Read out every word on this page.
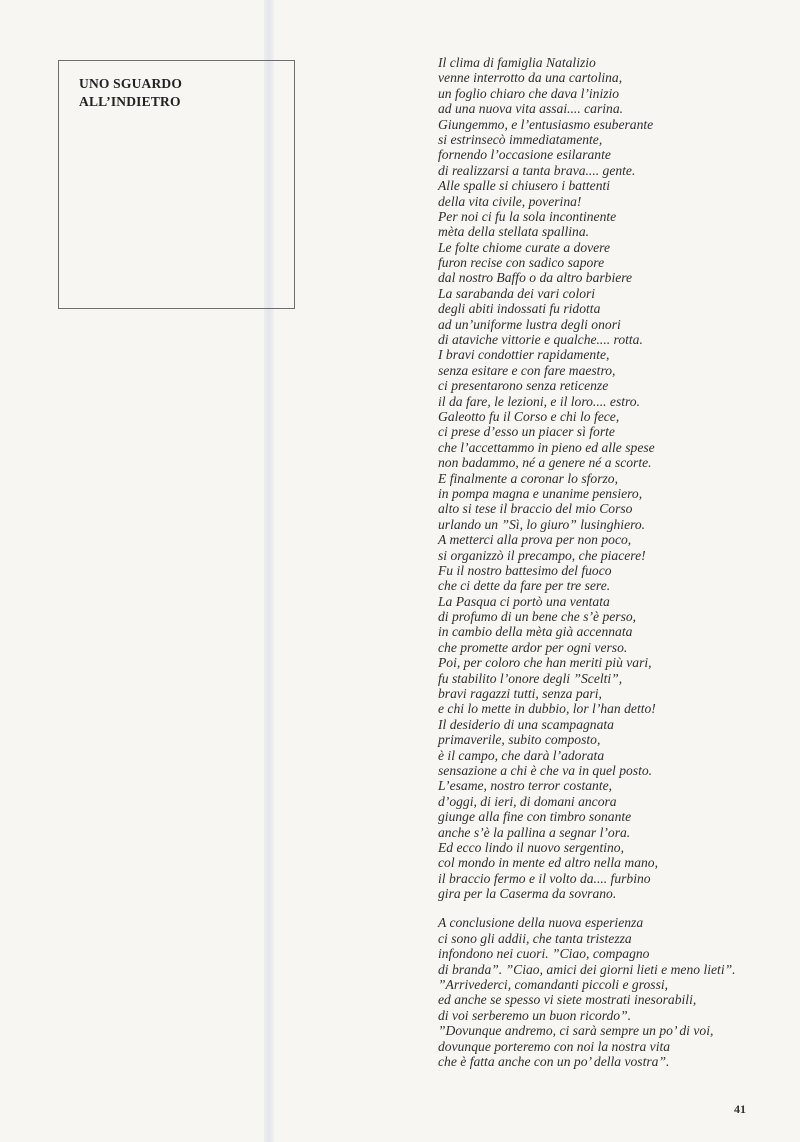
UNO SGUARDO
ALL’INDIETRO
Il clima di famiglia Natalizio
venne interrotto da una cartolina,
un foglio chiaro che dava l’inizio
ad una nuova vita assai.... carina.
Giungemmo, e l’entusiasmo esuberante
si estrinsecò immediatamente,
fornendo l’occasione esilarante
di realizzarsi a tanta brava.... gente.
Alle spalle si chiusero i battenti
della vita civile, poverina!
Per noi ci fu la sola incontinente
mèta della stellata spallina.
Le folte chiome curate a dovere
furon recise con sadico sapore
dal nostro Baffo o da altro barbiere
La sarabanda dei vari colori
degli abiti indossati fu ridotta
ad un’uniforme lustra degli onori
di ataviche vittorie e qualche.... rotta.
I bravi condottier rapidamente,
senza esitare e con fare maestro,
ci presentarono senza reticenze
il da fare, le lezioni, e il loro.... estro.
Galeotto fu il Corso e chi lo fece,
ci prese d’esso un piacer sì forte
che l’accettammo in pieno ed alle spese
non badammo, né a genere né a scorte.
E finalmente a coronar lo sforzo,
in pompa magna e unanime pensiero,
alto si tese il braccio del mio Corso
urlando un ”Sì, lo giuro” lusinghiero.
A metterci alla prova per non poco,
si organizzò il precampo, che piacere!
Fu il nostro battesimo del fuoco
che ci dette da fare per tre sere.
La Pasqua ci portò una ventata
di profumo di un bene che s’è perso,
in cambio della mèta già accennata
che promette ardor per ogni verso.
Poi, per coloro che han meriti più vari,
fu stabilito l’onore degli ”Scelti”,
bravi ragazzi tutti, senza pari,
e chi lo mette in dubbio, lor l’han detto!
Il desiderio di una scampagnata
primaverile, subito composto,
è il campo, che darà l’adorata
sensazione a chi è che va in quel posto.
L’esame, nostro terror costante,
d’oggi, di ieri, di domani ancora
giunge alla fine con timbro sonante
anche s’è la pallina a segnar l’ora.
Ed ecco lindo il nuovo sergentino,
col mondo in mente ed altro nella mano,
il braccio fermo e il volto da.... furbino
gira per la Caserma da sovrano.
A conclusione della nuova esperienza
ci sono gli addii, che tanta tristezza
infondono nei cuori. ”Ciao, compagno
di branda”. ”Ciao, amici dei giorni lieti e meno lieti”.
”Arrivederci, comandanti piccoli e grossi,
ed anche se spesso vi siete mostrati inesorabili,
di voi serberemo un buon ricordo”.
”Dovunque andremo, ci sarà sempre un po’ di voi,
dovunque porteremo con noi la nostra vita
che è fatta anche con un po’ della vostra”.
41
